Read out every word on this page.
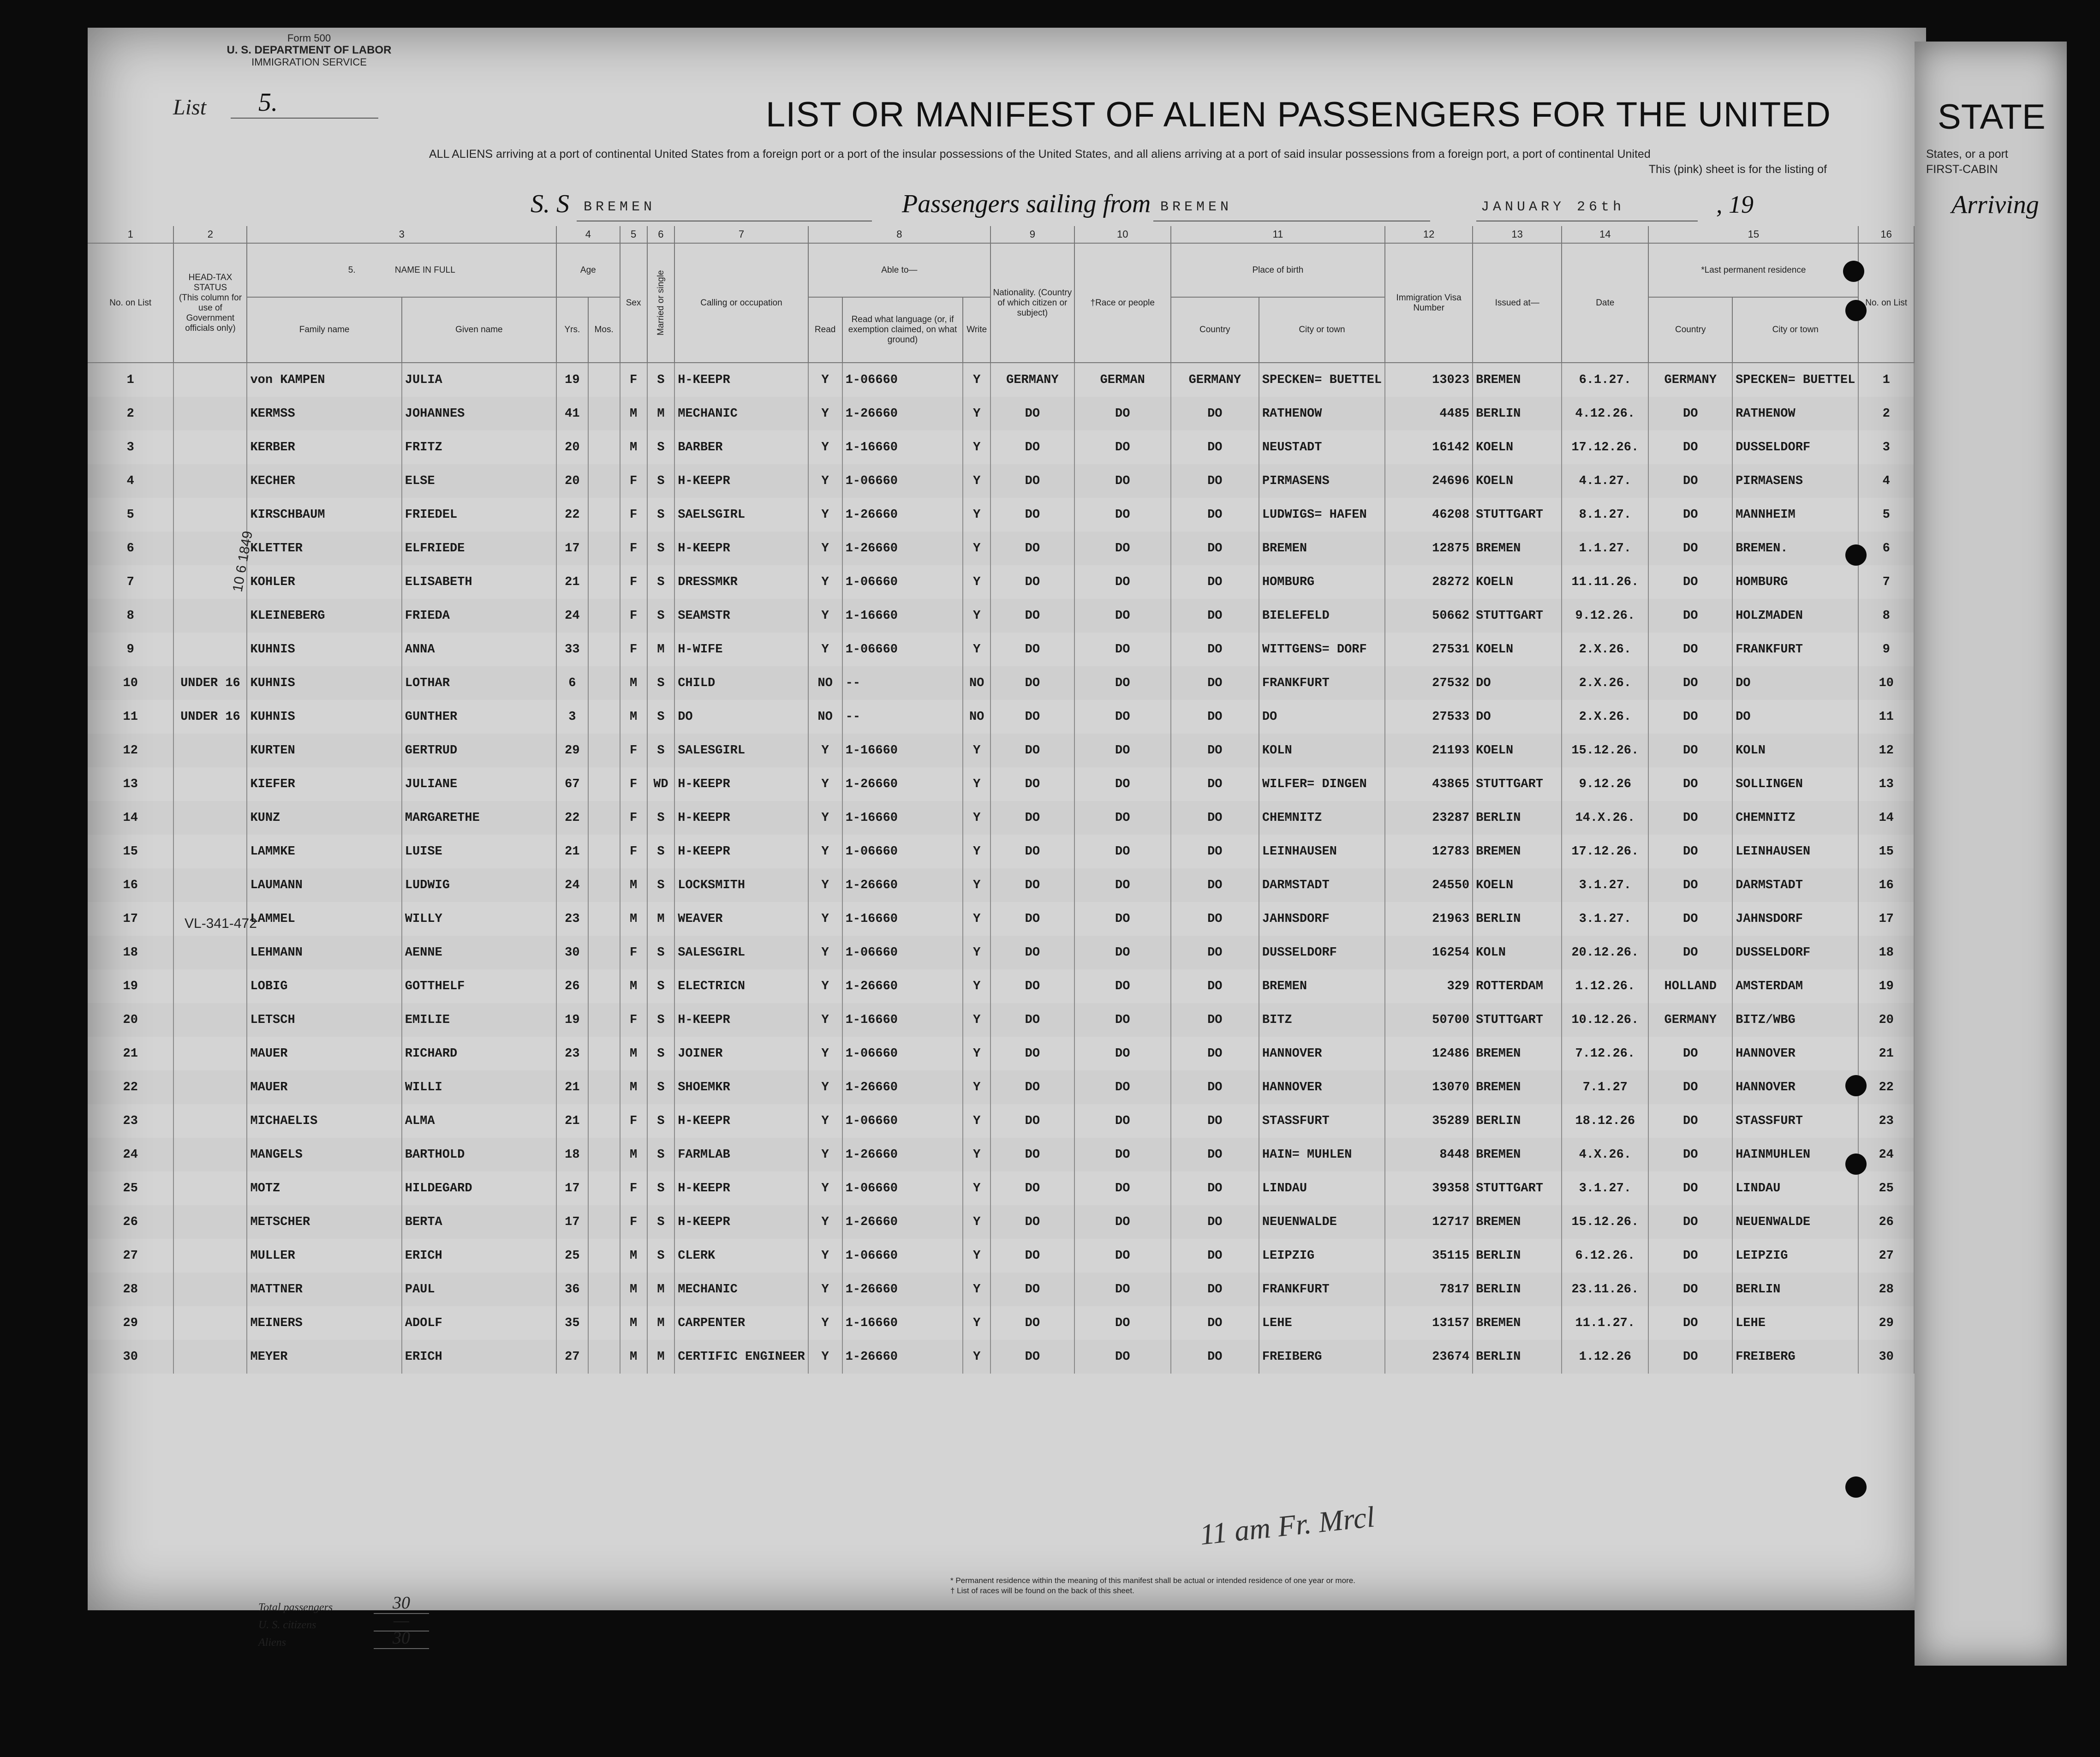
Form 500
U. S. DEPARTMENT OF LABOR
IMMIGRATION SERVICE
List 5.	LIST OR MANIFEST OF ALIEN PASSENGERS FOR THE UNITED
ALL ALIENS arriving at a port of continental United States from a foreign port or a port of the insular possessions of the United States, and all aliens arriving at a port of said insular possessions from a foreign port, a port of continental United
This (pink) sheet is for the listing of
S. S BREMEN	Passengers sailing from BREMEN	JANUARY 26th	, 19
STATE
States, or a port
FIRST-CABIN
Arriving
1	2	3		4		5	6	7	8			9	10	11		12	13	14	15		16
No. on List	HEAD-TAX STATUS
(This column for use of Government officials only)	5. NAME IN FULL		Age		Sex	Married or single	Calling or occupation	Able to—			Nationality. (Country of which citizen or subject)	†Race or people	Place of birth		Immigration Visa Number	Issued at—	Date	*Last permanent residence		No. on List
		Family name	Given name	Yrs.	Mos.				Read	Read what language (or, if exemption claimed, on what ground)	Write			Country	City or town				Country	City or town	
1		von KAMPEN	JULIA	19		F	S	H-KEEPR	Y	1-06660	Y	GERMANY	GERMAN	GERMANY	SPECKEN= BUETTEL	13023	BREMEN	6.1.27.	GERMANY	SPECKEN= BUETTEL	1
2		KERMSS	JOHANNES	41		M	M	MECHANIC	Y	1-26660	Y	DO	DO	DO	RATHENOW	4485	BERLIN	4.12.26.	DO	RATHENOW	2
3		KERBER	FRITZ	20		M	S	BARBER	Y	1-16660	Y	DO	DO	DO	NEUSTADT	16142	KOELN	17.12.26.	DO	DUSSELDORF	3
4		KECHER	ELSE	20		F	S	H-KEEPR	Y	1-06660	Y	DO	DO	DO	PIRMASENS	24696	KOELN	4.1.27.	DO	PIRMASENS	4
5		KIRSCHBAUM	FRIEDEL	22		F	S	SAELSGIRL	Y	1-26660	Y	DO	DO	DO	LUDWIGS= HAFEN	46208	STUTTGART	8.1.27.	DO	MANNHEIM	5
6		KLETTER	ELFRIEDE	17		F	S	H-KEEPR	Y	1-26660	Y	DO	DO	DO	BREMEN	12875	BREMEN	1.1.27.	DO	BREMEN.	6
7		KOHLER	ELISABETH	21		F	S	DRESSMKR	Y	1-06660	Y	DO	DO	DO	HOMBURG	28272	KOELN	11.11.26.	DO	HOMBURG	7
8		KLEINEBERG	FRIEDA	24		F	S	SEAMSTR	Y	1-16660	Y	DO	DO	DO	BIELEFELD	50662	STUTTGART	9.12.26.	DO	HOLZMADEN	8
9		KUHNIS	ANNA	33		F	M	H-WIFE	Y	1-06660	Y	DO	DO	DO	WITTGENS= DORF	27531	KOELN	2.X.26.	DO	FRANKFURT	9
10	UNDER 16	KUHNIS	LOTHAR	6		M	S	CHILD	NO	--	NO	DO	DO	DO	FRANKFURT	27532	DO	2.X.26.	DO	DO	10
11	UNDER 16	KUHNIS	GUNTHER	3		M	S	DO	NO	--	NO	DO	DO	DO	DO	27533	DO	2.X.26.	DO	DO	11
12		KURTEN	GERTRUD	29		F	S	SALESGIRL	Y	1-16660	Y	DO	DO	DO	KOLN	21193	KOELN	15.12.26.	DO	KOLN	12
13		KIEFER	JULIANE	67		F	WD	H-KEEPR	Y	1-26660	Y	DO	DO	DO	WILFER= DINGEN	43865	STUTTGART	9.12.26	DO	SOLLINGEN	13
14		KUNZ	MARGARETHE	22		F	S	H-KEEPR	Y	1-16660	Y	DO	DO	DO	CHEMNITZ	23287	BERLIN	14.X.26.	DO	CHEMNITZ	14
15		LAMMKE	LUISE	21		F	S	H-KEEPR	Y	1-06660	Y	DO	DO	DO	LEINHAUSEN	12783	BREMEN	17.12.26.	DO	LEINHAUSEN	15
16		LAUMANN	LUDWIG	24		M	S	LOCKSMITH	Y	1-26660	Y	DO	DO	DO	DARMSTADT	24550	KOELN	3.1.27.	DO	DARMSTADT	16
17		LAMMEL	WILLY	23		M	M	WEAVER	Y	1-16660	Y	DO	DO	DO	JAHNSDORF	21963	BERLIN	3.1.27.	DO	JAHNSDORF	17
18		LEHMANN	AENNE	30		F	S	SALESGIRL	Y	1-06660	Y	DO	DO	DO	DUSSELDORF	16254	KOLN	20.12.26.	DO	DUSSELDORF	18
19		LOBIG	GOTTHELF	26		M	S	ELECTRICN	Y	1-26660	Y	DO	DO	DO	BREMEN	329	ROTTERDAM	1.12.26.	HOLLAND	AMSTERDAM	19
20		LETSCH	EMILIE	19		F	S	H-KEEPR	Y	1-16660	Y	DO	DO	DO	BITZ	50700	STUTTGART	10.12.26.	GERMANY	BITZ/WBG	20
21		MAUER	RICHARD	23		M	S	JOINER	Y	1-06660	Y	DO	DO	DO	HANNOVER	12486	BREMEN	7.12.26.	DO	HANNOVER	21
22		MAUER	WILLI	21		M	S	SHOEMKR	Y	1-26660	Y	DO	DO	DO	HANNOVER	13070	BREMEN	7.1.27	DO	HANNOVER	22
23		MICHAELIS	ALMA	21		F	S	H-KEEPR	Y	1-06660	Y	DO	DO	DO	STASSFURT	35289	BERLIN	18.12.26	DO	STASSFURT	23
24		MANGELS	BARTHOLD	18		M	S	FARMLAB	Y	1-26660	Y	DO	DO	DO	HAIN= MUHLEN	8448	BREMEN	4.X.26.	DO	HAINMUHLEN	24
25		MOTZ	HILDEGARD	17		F	S	H-KEEPR	Y	1-06660	Y	DO	DO	DO	LINDAU	39358	STUTTGART	3.1.27.	DO	LINDAU	25
26		METSCHER	BERTA	17		F	S	H-KEEPR	Y	1-26660	Y	DO	DO	DO	NEUENWALDE	12717	BREMEN	15.12.26.	DO	NEUENWALDE	26
27		MULLER	ERICH	25		M	S	CLERK	Y	1-06660	Y	DO	DO	DO	LEIPZIG	35115	BERLIN	6.12.26.	DO	LEIPZIG	27
28		MATTNER	PAUL	36		M	M	MECHANIC	Y	1-26660	Y	DO	DO	DO	FRANKFURT	7817	BERLIN	23.11.26.	DO	BERLIN	28
29		MEINERS	ADOLF	35		M	M	CARPENTER	Y	1-16660	Y	DO	DO	DO	LEHE	13157	BREMEN	11.1.27.	DO	LEHE	29
30		MEYER	ERICH	27		M	M	CERTIFIC ENGINEER	Y	1-26660	Y	DO	DO	DO	FREIBERG	23674	BERLIN	1.12.26	DO	FREIBERG	30
10 6 1849
VL-341-472
11 am Fr. Mrcl
Total passengers	30
U. S. citizens	—
Aliens	30
* Permanent residence within the meaning of this manifest shall be actual or intended residence of one year or more.
† List of races will be found on the back of this sheet.
